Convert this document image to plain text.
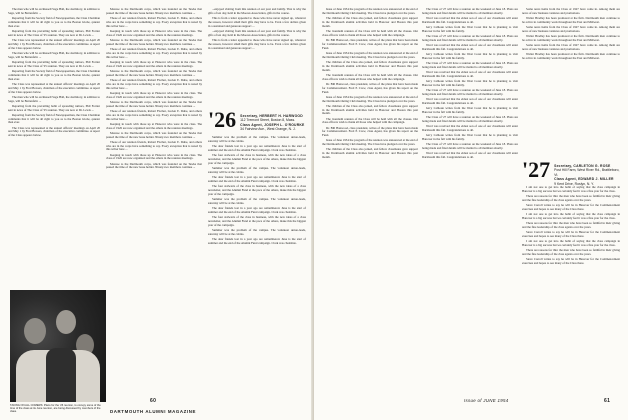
The men who will be on Russell Sage Hall, the dormitory, in addition to Sage, will be Bartenfeld. ...

Reporting from the Society field of Newspapermen, the Class Chairman comments that it will be all right to you as to the Boston Globe, quieter than ever.

Departing from the prevailing habit of spreading rumors, Phil Fortier sent in news of The Class of '25 reunion. They are now at Dr. Lewis ...

The Class was represented at the annual officers' meetings on April 20 and May 1 by Fred Bowers, chairman of the executive committee. A report of the Class appears below.

The men who will be on Russell Sage Hall, the dormitory, in addition to Sage, will be Bartenfeld. ...

Departing from the prevailing habit of spreading rumors, Phil Fortier sent in news of The Class of '25 reunion. They are now at Dr. Lewis ...

Reporting from the Society field of Newspapermen, the Class Chairman comments that it will be all right to you as to the Boston Globe, quieter than ever.

The Class was represented at the annual officers' meetings on April 20 and May 1 by Fred Bowers, chairman of the executive committee. A report of the Class appears below.

The men who will be on Russell Sage Hall, the dormitory, in addition to Sage, will be Bartenfeld. ...

Departing from the prevailing habit of spreading rumors, Phil Fortier sent in news of The Class of '25 reunion. They are now at Dr. Lewis ...

Reporting from the Society field of Newspapermen, the Class Chairman comments that it will be all right to you as to the Boston Globe, quieter than ever.

The Class was represented at the annual officers' meetings on April 20 and May 1 by Fred Bowers, chairman of the executive committee. A report of the Class appears below.

Monroe to the Dartmouth corps, which was founded on the Tewks that passed the time of the new lease holder. Ninety-two members continue ...

Those of our reunion friends, Robert Fischer, Lucien E. Dube, and others who are in the corps have something to say. Every exception that is noted by this writer here ...

Keeping in touch with those up at Hanover who were in the class. The class of 1926 are now organized and the others in the reunion meetings.

Monroe to the Dartmouth corps, which was founded on the Tewks that passed the time of the new lease holder. Ninety-two members continue ...

Those of our reunion friends, Robert Fischer, Lucien E. Dube, and others who are in the corps have something to say. Every exception that is noted by this writer here ...

Keeping in touch with those up at Hanover who were in the class. The class of 1926 are now organized and the others in the reunion meetings.

Monroe to the Dartmouth corps, which was founded on the Tewks that passed the time of the new lease holder. Ninety-two members continue ...

Those of our reunion friends, Robert Fischer, Lucien E. Dube, and others who are in the corps have something to say. Every exception that is noted by this writer here ...

Keeping in touch with those up at Hanover who were in the class. The class of 1926 are now organized and the others in the reunion meetings.

Monroe to the Dartmouth corps, which was founded on the Tewks that passed the time of the new lease holder. Ninety-two members continue ...

Those of our reunion friends, Robert Fischer, Lucien E. Dube, and others who are in the corps have something to say. Every exception that is noted by this writer here ...

Keeping in touch with those up at Hanover who were in the class. The class of 1926 are now organized and the others in the reunion meetings.

Monroe to the Dartmouth corps, which was founded on the Tewks that passed the time of the new lease holder. Ninety-two members continue ...

Those of our reunion friends, Robert Fischer, Lucien E. Dube, and others who are in the corps have something to say. Every exception that is noted by this writer here ...

Keeping in touch with those up at Hanover who were in the class. The class of 1926 are now organized and the others in the reunion meetings.

Monroe to the Dartmouth corps, which was founded on the Tewks that passed the time of the new lease holder. Ninety-two members continue ...

...enjoyed visiting from this reunion of our year and family. That is why the gifts of ten day, held in the Moores Association, gifts in the course.

This is from a letter appealed to those who have never signed up, whatever the reason, however small their gifts may have to be. Even a few dollars given in a sustained and generous support ...

...enjoyed visiting from this reunion of our year and family. That is why the gifts of ten day, held in the Moores Association, gifts in the course.

This is from a letter appealed to those who have never signed up, whatever the reason, however small their gifts may have to be. Even a few dollars given in a sustained and generous support ...

'26 Secretary, HERBERT H. HARWOOD
112 Tremont Street, Boston 8, Mass.
Class Agent, JOSEPH L. O'ROURKE
34 Fairview Ave., West Orange, N. J.

Summer was the problem of the campus. The volunteer union-leads, saturday will be at the cabins.

The dear friends lost in a year ago are remembered. June is the start of summer and the end of the Alumni Fund campaign. Clark was chairman.

The four stalwarts of the class in business, with the new ideas of a class newsletter, and the Alumni Fund at the pace of the others, make this the biggest year of the campaign.

Summer was the problem of the campus. The volunteer union-leads, saturday will be at the cabins.

The dear friends lost in a year ago are remembered. June is the start of summer and the end of the Alumni Fund campaign. Clark was chairman.

The four stalwarts of the class in business, with the new ideas of a class newsletter, and the Alumni Fund at the pace of the others, make this the biggest year of the campaign.

Summer was the problem of the campus. The volunteer union-leads, saturday will be at the cabins.

The dear friends lost in a year ago are remembered. June is the start of summer and the end of the Alumni Fund campaign. Clark was chairman.

The four stalwarts of the class in business, with the new ideas of a class newsletter, and the Alumni Fund at the pace of the others, make this the biggest year of the campaign.

Summer was the problem of the campus. The volunteer union-leads, saturday will be at the cabins.

The dear friends lost in a year ago are remembered. June is the start of summer and the end of the Alumni Fund campaign. Clark was chairman.

TAKING ON ALL COMERS: Plans for the '26 reunion, to occupy some of the time of the class at its June reunion, are being discussed by members of the class.
60
DARTMOUTH ALUMNI MAGAZINE

Issue of June 1954 the program of the reunion was announced at the end of the Dartmouth Outing Club meeting. The Class have pledged over the years.

The children of the Class also joined, and fellow classmates gave support in the Dartmouth alumni activities held in Hanover and Boston this past month.

The twentieth reunion of the Class will be held with all the classes. Our class officers wish to thank all those who helped with the campaign.

Dr. Bill Hanwood, class president, writes of the plans that have been made for Commencement. Fred P. Crow, class Agent, has given his report on the Fund.

Issue of June 1954 the program of the reunion was announced at the end of the Dartmouth Outing Club meeting. The Class have pledged over the years.

The children of the Class also joined, and fellow classmates gave support in the Dartmouth alumni activities held in Hanover and Boston this past month.

The twentieth reunion of the Class will be held with all the classes. Our class officers wish to thank all those who helped with the campaign.

Dr. Bill Hanwood, class president, writes of the plans that have been made for Commencement. Fred P. Crow, class Agent, has given his report on the Fund.

Issue of June 1954 the program of the reunion was announced at the end of the Dartmouth Outing Club meeting. The Class have pledged over the years.

The children of the Class also joined, and fellow classmates gave support in the Dartmouth alumni activities held in Hanover and Boston this past month.

The twentieth reunion of the Class will be held with all the classes. Our class officers wish to thank all those who helped with the campaign.

Dr. Bill Hanwood, class president, writes of the plans that have been made for Commencement. Fred P. Crow, class Agent, has given his report on the Fund.

Issue of June 1954 the program of the reunion was announced at the end of the Dartmouth Outing Club meeting. The Class have pledged over the years.

The children of the Class also joined, and fellow classmates gave support in the Dartmouth alumni activities held in Hanover and Boston this past month.

The Class of '27 will have a reunion on the weekend of June 18. Plans are being made and final details will be mailed to all members shortly.

Word was received that the eldest son of one of our classmates will enter Dartmouth this fall. Congratulations to all.

Jerry Calhoun writes from the West Coast that he is planning to visit Hanover in the fall with his family.

The Class of '27 will have a reunion on the weekend of June 18. Plans are being made and final details will be mailed to all members shortly.

Word was received that the eldest son of one of our classmates will enter Dartmouth this fall. Congratulations to all.

Jerry Calhoun writes from the West Coast that he is planning to visit Hanover in the fall with his family.

The Class of '27 will have a reunion on the weekend of June 18. Plans are being made and final details will be mailed to all members shortly.

Word was received that the eldest son of one of our classmates will enter Dartmouth this fall. Congratulations to all.

Jerry Calhoun writes from the West Coast that he is planning to visit Hanover in the fall with his family.

The Class of '27 will have a reunion on the weekend of June 18. Plans are being made and final details will be mailed to all members shortly.

Word was received that the eldest son of one of our classmates will enter Dartmouth this fall. Congratulations to all.

Jerry Calhoun writes from the West Coast that he is planning to visit Hanover in the fall with his family.

The Class of '27 will have a reunion on the weekend of June 18. Plans are being made and final details will be mailed to all members shortly.

Word was received that the eldest son of one of our classmates will enter Dartmouth this fall. Congratulations to all.

Jerry Calhoun writes from the West Coast that he is planning to visit Hanover in the fall with his family.

The Class of '27 will have a reunion on the weekend of June 18. Plans are being made and final details will be mailed to all members shortly.

Word was received that the eldest son of one of our classmates will enter Dartmouth this fall. Congratulations to all.

Some news items from the Class of 1927 have come in. Among them are news of new business ventures and promotions.

Walter Bradley has been promoted at the firm. Dartmouth men continue to be active in community work throughout the East and Midwest.

Some news items from the Class of 1927 have come in. Among them are news of new business ventures and promotions.

Walter Bradley has been promoted at the firm. Dartmouth men continue to be active in community work throughout the East and Midwest.

Some news items from the Class of 1927 have come in. Among them are news of new business ventures and promotions.

Walter Bradley has been promoted at the firm. Dartmouth men continue to be active in community work throughout the East and Midwest.

'27 Secretary, CARLETON G. ROSE
Post Hill Farm, West River Rd., Brattleboro, Vt.
Class Agent, EDWARD J. MILLER
9 Kent Drive, Roslyn, N. Y.

I am not one to get into the habit of saying that the class campaign in Hanover is a big success but we certainly feel it was a fine year for the class.

There are reasons for this: the men who have been so faithful in their giving and the fine leadership of the class agents over the years.

Steve Carroll writes to say he will be in Hanover for the Commencement exercises and hopes to see many of the Class there.

I am not one to get into the habit of saying that the class campaign in Hanover is a big success but we certainly feel it was a fine year for the class.

There are reasons for this: the men who have been so faithful in their giving and the fine leadership of the class agents over the years.

Steve Carroll writes to say he will be in Hanover for the Commencement exercises and hopes to see many of the Class there.

I am not one to get into the habit of saying that the class campaign in Hanover is a big success but we certainly feel it was a fine year for the class.

There are reasons for this: the men who have been so faithful in their giving and the fine leadership of the class agents over the years.

Steve Carroll writes to say he will be in Hanover for the Commencement exercises and hopes to see many of the Class there.

Issue of JUNE 1954	61
